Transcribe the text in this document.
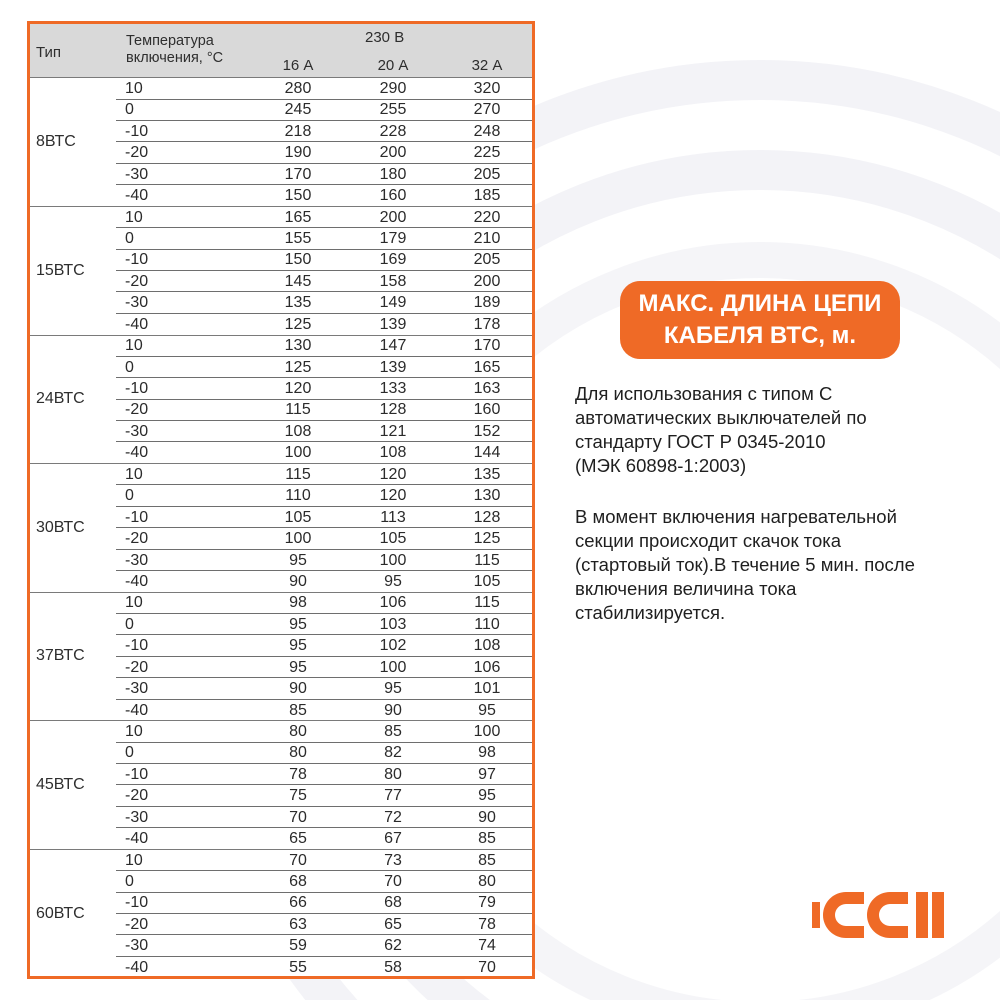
Тип
Температура
включения, °С
230 В
16 А	20 А	32 А
8ВТС
10	280	290	320
0	245	255	270
-10	218	228	248
-20	190	200	225
-30	170	180	205
-40	150	160	185
15ВТС
10	165	200	220
0	155	179	210
-10	150	169	205
-20	145	158	200
-30	135	149	189
-40	125	139	178
24ВТС
10	130	147	170
0	125	139	165
-10	120	133	163
-20	115	128	160
-30	108	121	152
-40	100	108	144
30ВТС
10	115	120	135
0	110	120	130
-10	105	113	128
-20	100	105	125
-30	95	100	115
-40	90	95	105
37ВТС
10	98	106	115
0	95	103	110
-10	95	102	108
-20	95	100	106
-30	90	95	101
-40	85	90	95
45ВТС
10	80	85	100
0	80	82	98
-10	78	80	97
-20	75	77	95
-30	70	72	90
-40	65	67	85
60ВТС
10	70	73	85
0	68	70	80
-10	66	68	79
-20	63	65	78
-30	59	62	74
-40	55	58	70
МАКС. ДЛИНА ЦЕПИ
КАБЕЛЯ ВТС, м.

Для использования с типом С
автоматических выключателей по
стандарту ГОСТ Р 0345-2010
(МЭК 60898-1:2003)

В момент включения нагревательной
секции происходит скачок тока
(стартовый ток).В течение 5 мин. после
включения величина тока
стабилизируется.
